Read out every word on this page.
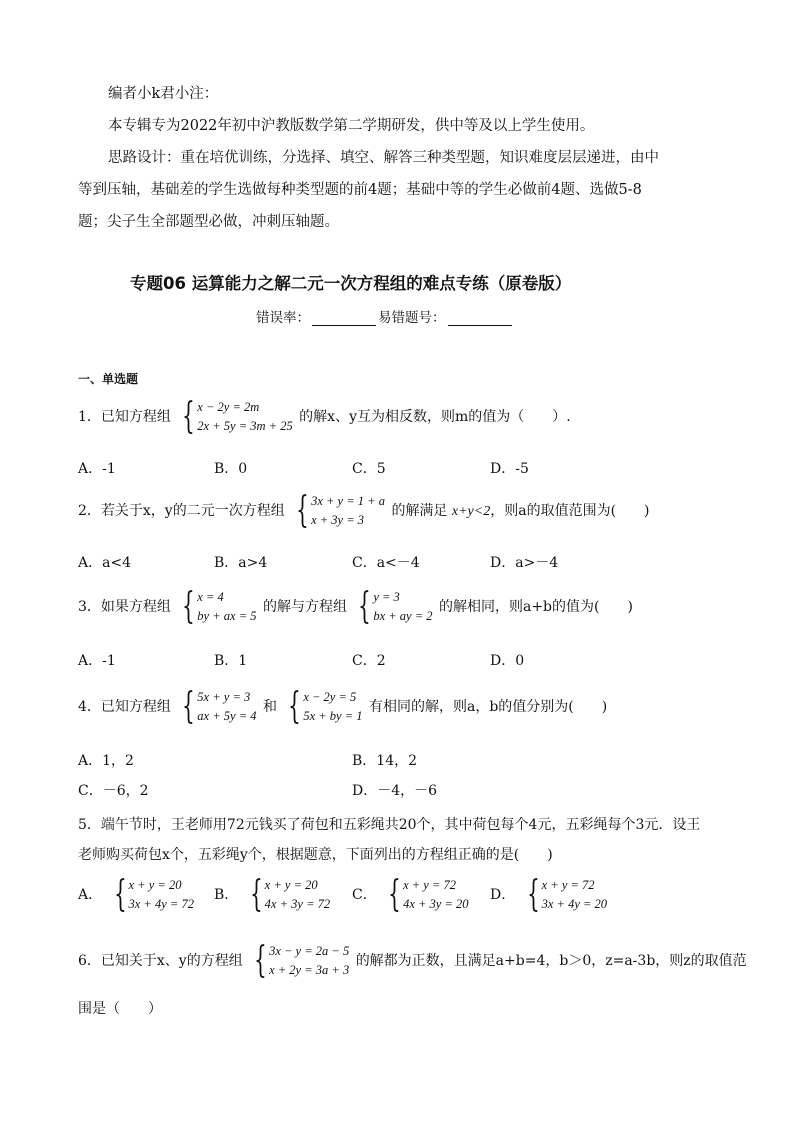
编者小k君小注：
本专辑专为2022年初中沪教版数学第二学期研发，供中等及以上学生使用。
思路设计：重在培优训练，分选择、填空、解答三种类型题，知识难度层层递进，由中
等到压轴，基础差的学生选做每种类型题的前4题；基础中等的学生必做前4题、选做5-8
题；尖子生全部题型必做，冲刺压轴题。
专题06 运算能力之解二元一次方程组的难点专练（原卷版）
错误率：	易错题号：
一、单选题
1．已知方程组 { x − 2y = 2m
2x + 5y = 3m + 25
的解x、y互为相反数，则m的值为（　　）.
A．-1	B．0	C．5	D．-5
2．若关于x，y的二元一次方程组 { 3x + y = 1 + a
x + 3y = 3
的解满足 x+y<2，则a的取值范围为(　　)
A．a<4	B．a>4	C．a<－4	D．a>－4
3．如果方程组 { x = 4
by + ax = 5
的解与方程组 { y = 3
bx + ay = 2
的解相同，则a+b的值为(　　)
A．-1	B．1	C．2	D．0
4．已知方程组 { 5x + y = 3
ax + 5y = 4
和 { x − 2y = 5
5x + by = 1
有相同的解，则a，b的值分别为(　　)
A．1，2	B．14，2
C．－6，2	D．－4，－6
5．端午节时，王老师用72元钱买了荷包和五彩绳共20个，其中荷包每个4元，五彩绳每个3元．设王
老师购买荷包x个，五彩绳y个，根据题意，下面列出的方程组正确的是(　　)
A． { x + y = 20
3x + 4y = 72
B． { x + y = 20
4x + 3y = 72
C． { x + y = 72
4x + 3y = 20
D． { x + y = 72
3x + 4y = 20
6．已知关于x、y的方程组 { 3x − y = 2a − 5
x + 2y = 3a + 3
的解都为正数，且满足a+b=4，b＞0，z=a-3b，则z的取值范
围是（　　）
